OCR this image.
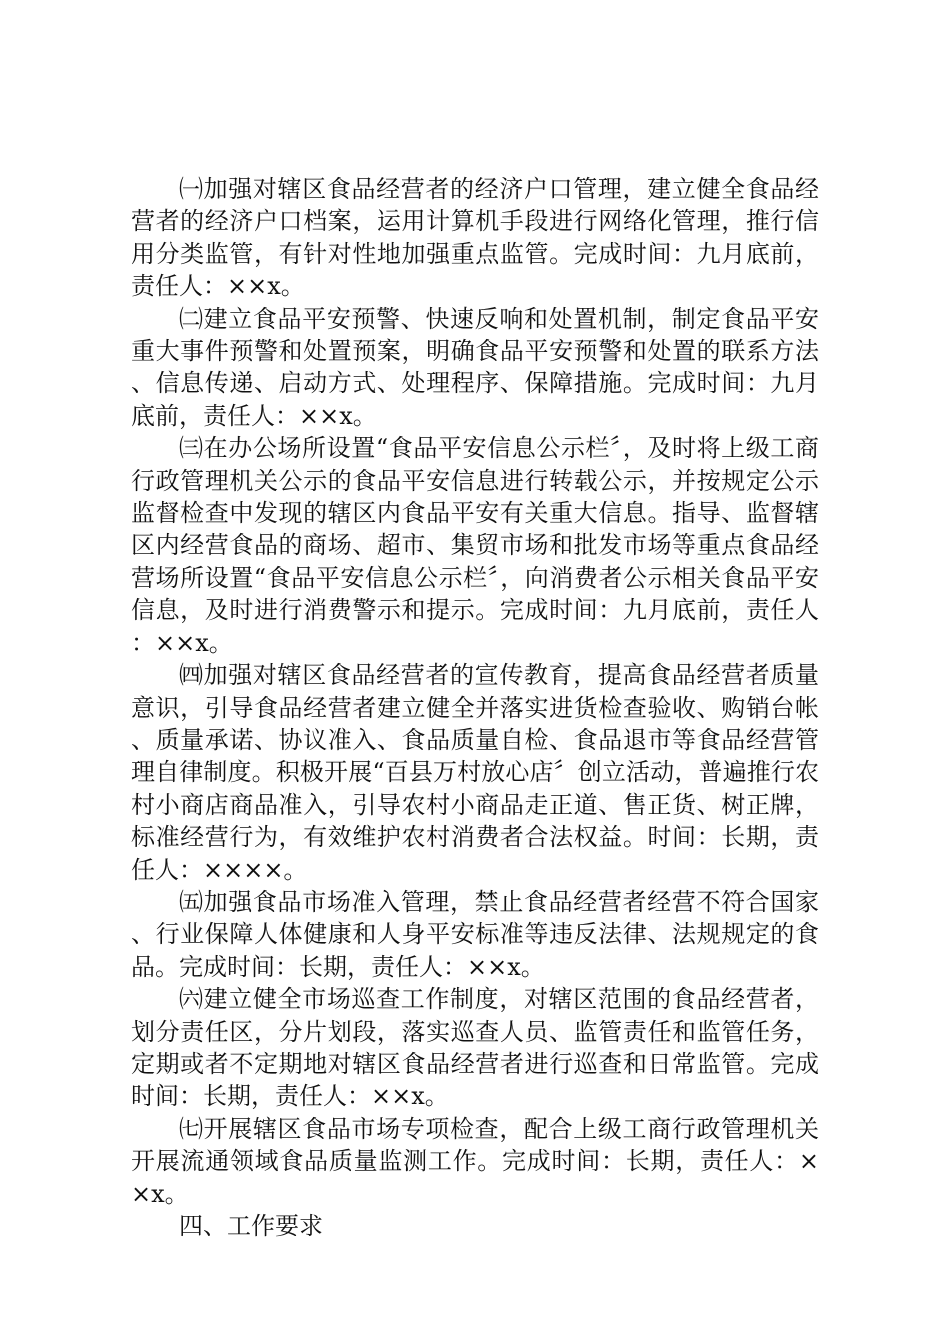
㈠加强对辖区食品经营者的经济户口管理，建立健全食品经营者的经济户口档案，运用计算机手段进行网络化管理，推行信用分类监管，有针对性地加强重点监管。完成时间：九月底前，责任人：××x。

㈡建立食品平安预警、快速反响和处置机制，制定食品平安重大事件预警和处置预案，明确食品平安预警和处置的联系方法、信息传递、启动方式、处理程序、保障措施。完成时间：九月底前，责任人：××x。

㈢在办公场所设置“食品平安信息公示栏〞，及时将上级工商行政管理机关公示的食品平安信息进行转载公示，并按规定公示监督检查中发现的辖区内食品平安有关重大信息。指导、监督辖区内经营食品的商场、超市、集贸市场和批发市场等重点食品经营场所设置“食品平安信息公示栏〞，向消费者公示相关食品平安信息，及时进行消费警示和提示。完成时间：九月底前，责任人：××x。

㈣加强对辖区食品经营者的宣传教育，提高食品经营者质量意识，引导食品经营者建立健全并落实进货检查验收、购销台帐、质量承诺、协议准入、食品质量自检、食品退市等食品经营管理自律制度。积极开展“百县万村放心店〞创立活动，普遍推行农村小商店商品准入，引导农村小商品走正道、售正货、树正牌，标准经营行为，有效维护农村消费者合法权益。时间：长期，责任人：××××。

㈤加强食品市场准入管理，禁止食品经营者经营不符合国家、行业保障人体健康和人身平安标准等违反法律、法规规定的食品。完成时间：长期，责任人：××x。

㈥建立健全市场巡查工作制度，对辖区范围的食品经营者，划分责任区，分片划段，落实巡查人员、监管责任和监管任务，定期或者不定期地对辖区食品经营者进行巡查和日常监管。完成时间：长期，责任人：××x。

㈦开展辖区食品市场专项检查，配合上级工商行政管理机关开展流通领域食品质量监测工作。完成时间：长期，责任人：××x。

四、工作要求
